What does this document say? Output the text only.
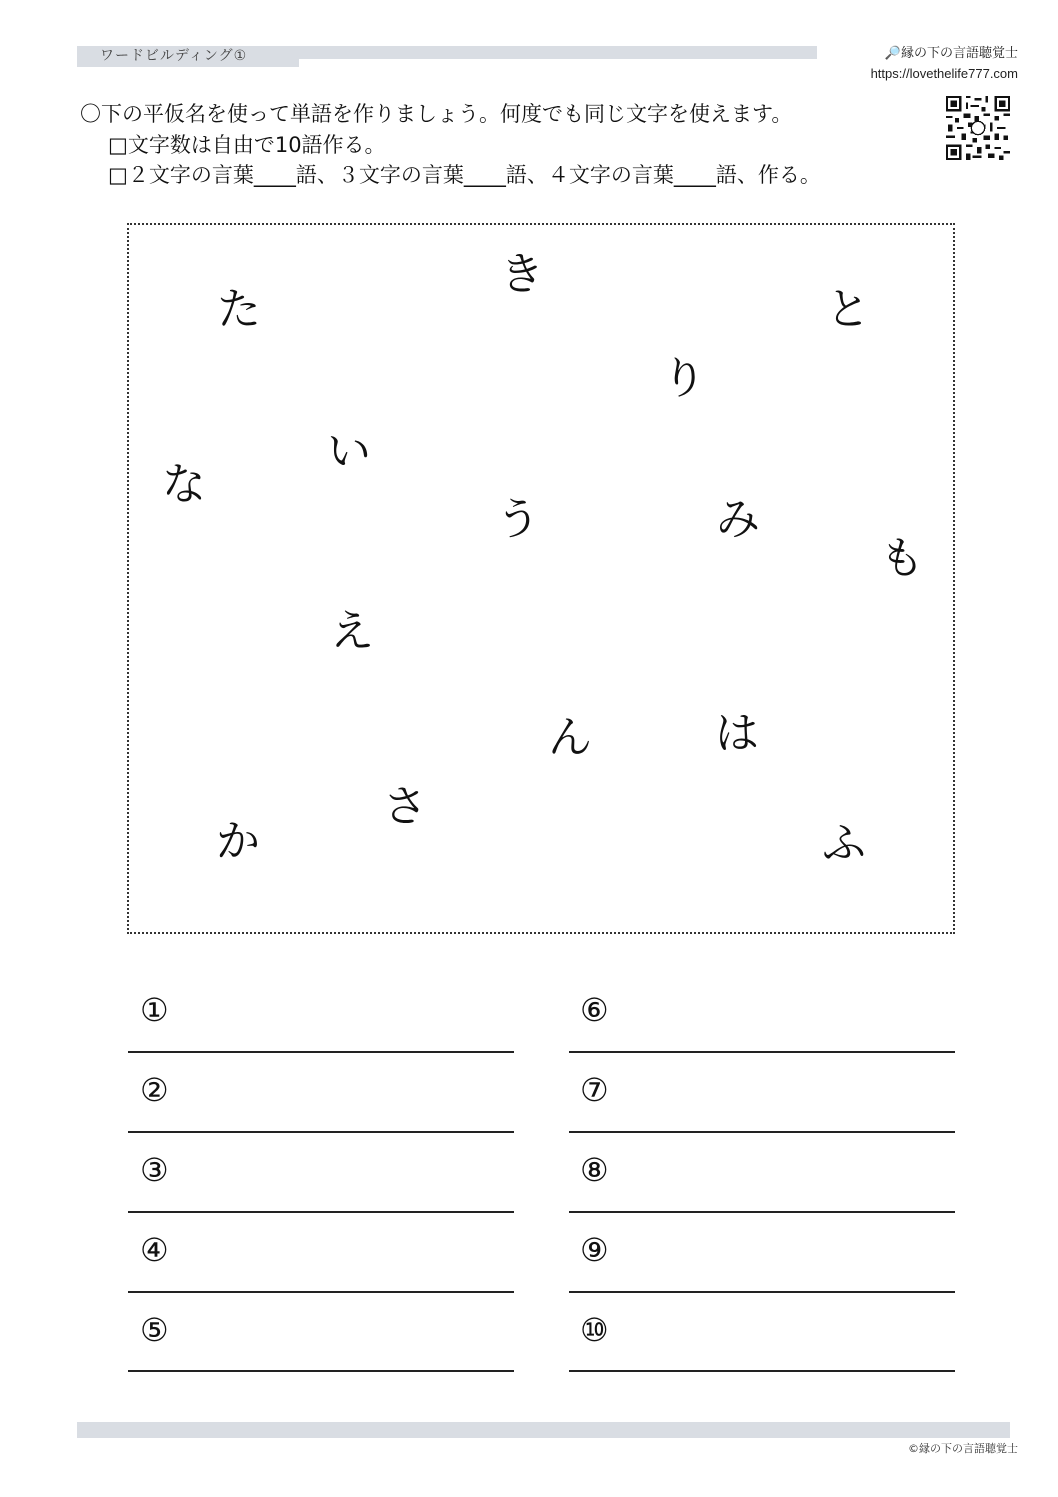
ワードビルディング①	🔎縁の下の言語聴覚士
https://lovethelife777.com
〇下の平仮名を使って単語を作りましょう。何度でも同じ文字を使えます。
□文字数は自由で10語作る。
□２文字の言葉____語、３文字の言葉____語、４文字の言葉____語、作る。
き
た	と
り
い
な
う	み
も
え
ん	は
さ
か	ふ
①
②
③
④
⑤
⑥
⑦
⑧
⑨
⑩
©縁の下の言語聴覚士
